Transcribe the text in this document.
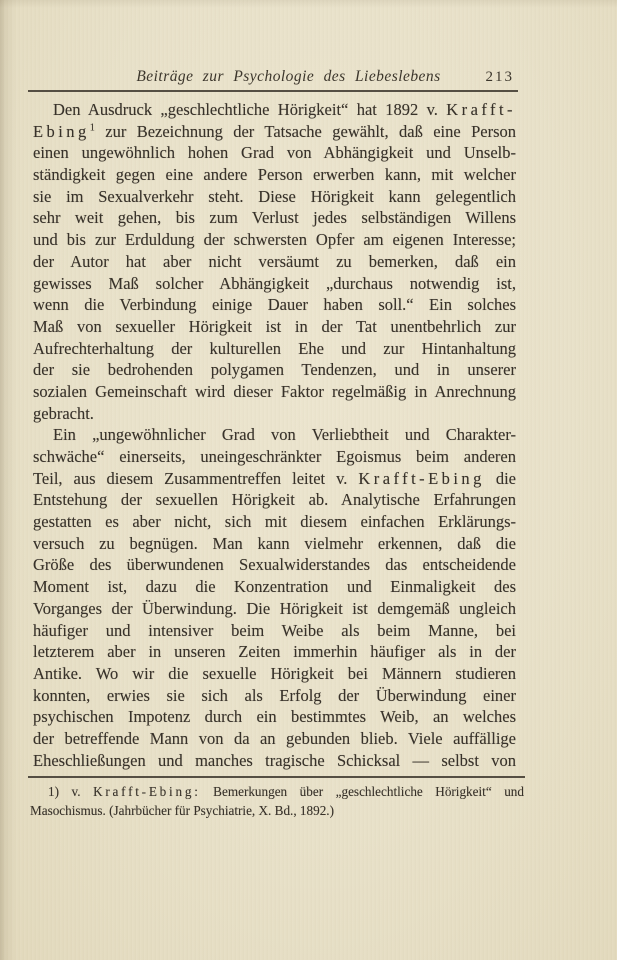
Beiträge zur Psychologie des Liebeslebens	213
Den Ausdruck „geschlechtliche Hörigkeit“ hat 1892 v. Krafft-
Ebing$^1$ zur Bezeichnung der Tatsache gewählt, daß eine Person
einen ungewöhnlich hohen Grad von Abhängigkeit und Unselb-
ständigkeit gegen eine andere Person erwerben kann, mit welcher
sie im Sexualverkehr steht. Diese Hörigkeit kann gelegentlich
sehr weit gehen, bis zum Verlust jedes selbständigen Willens
und bis zur Erduldung der schwersten Opfer am eigenen Interesse;
der Autor hat aber nicht versäumt zu bemerken, daß ein
gewisses Maß solcher Abhängigkeit „durchaus notwendig ist,
wenn die Verbindung einige Dauer haben soll.“ Ein solches
Maß von sexueller Hörigkeit ist in der Tat unentbehrlich zur
Aufrechterhaltung der kulturellen Ehe und zur Hintanhaltung
der sie bedrohenden polygamen Tendenzen, und in unserer
sozialen Gemeinschaft wird dieser Faktor regelmäßig in Anrechnung
gebracht.
Ein „ungewöhnlicher Grad von Verliebtheit und Charakter-
schwäche“ einerseits, uneingeschränkter Egoismus beim anderen
Teil, aus diesem Zusammentreffen leitet v. Krafft-Ebing die
Entstehung der sexuellen Hörigkeit ab. Analytische Erfahrungen
gestatten es aber nicht, sich mit diesem einfachen Erklärungs-
versuch zu begnügen. Man kann vielmehr erkennen, daß die
Größe des überwundenen Sexualwiderstandes das entscheidende
Moment ist, dazu die Konzentration und Einmaligkeit des
Vorganges der Überwindung. Die Hörigkeit ist demgemäß ungleich
häufiger und intensiver beim Weibe als beim Manne, bei
letzterem aber in unseren Zeiten immerhin häufiger als in der
Antike. Wo wir die sexuelle Hörigkeit bei Männern studieren
konnten, erwies sie sich als Erfolg der Überwindung einer
psychischen Impotenz durch ein bestimmtes Weib, an welches
der betreffende Mann von da an gebunden blieb. Viele auffällige
Eheschließungen und manches tragische Schicksal — selbst von
1) v. Krafft-Ebing: Bemerkungen über „geschlechtliche Hörigkeit“ und
Masochismus. (Jahrbücher für Psychiatrie, X. Bd., 1892.)
